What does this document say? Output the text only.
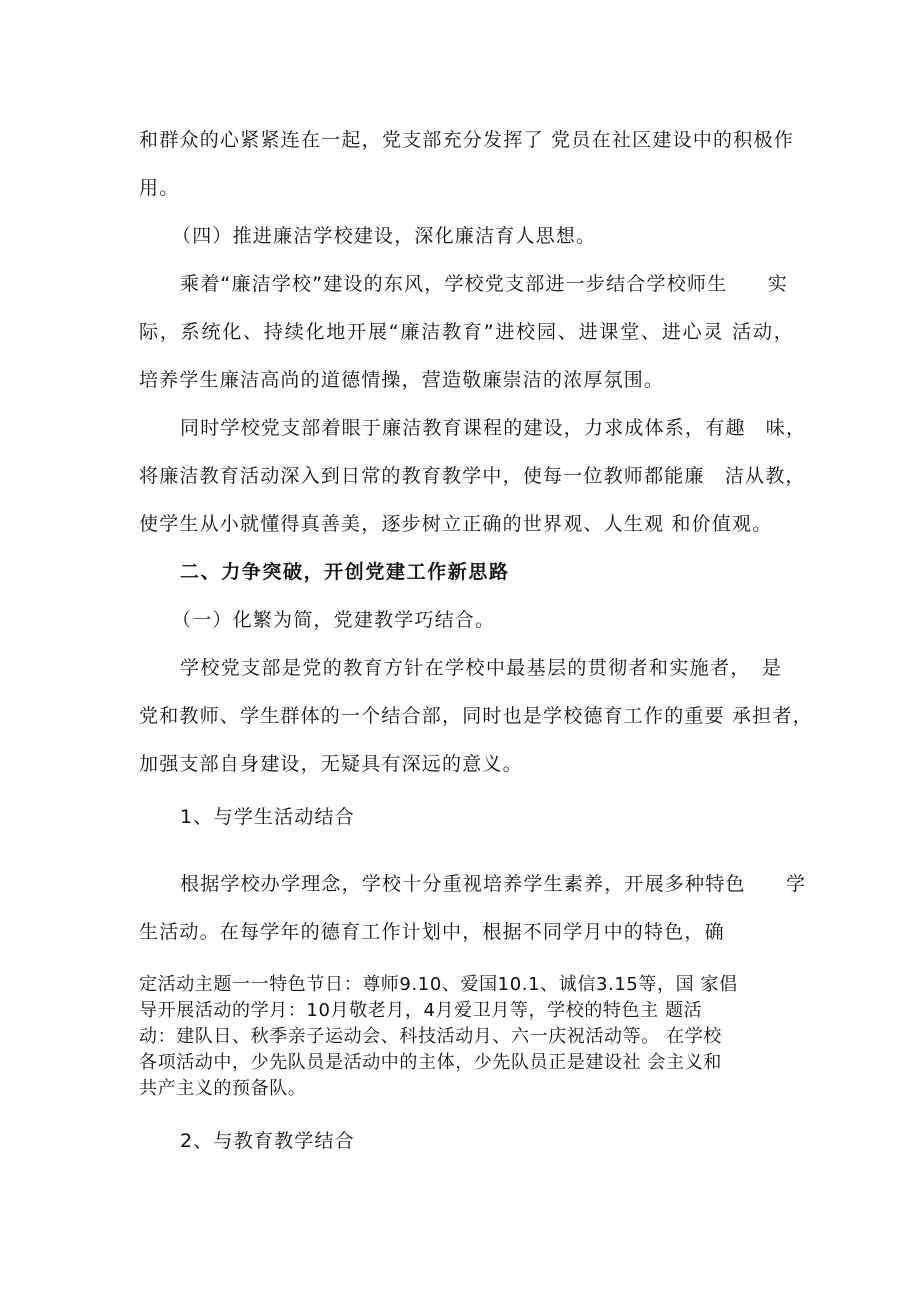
和群众的心紧紧连在一起，党支部充分发挥了 党员在社区建设中的积极作
用。
（四）推进廉洁学校建设，深化廉洁育人思想。
乘着“廉洁学校”建设的东风，学校党支部进一步结合学校师生　　实
际，系统化、持续化地开展“廉洁教育”进校园、进课堂、进心灵 活动，
培养学生廉洁高尚的道德情操，营造敬廉崇洁的浓厚氛围。
同时学校党支部着眼于廉洁教育课程的建设，力求成体系，有趣　味，
将廉洁教育活动深入到日常的教育教学中，使每一位教师都能廉　洁从教，
使学生从小就懂得真善美，逐步树立正确的世界观、人生观 和价值观。
二、力争突破，开创党建工作新思路
（一）化繁为简，党建教学巧结合。
学校党支部是党的教育方针在学校中最基层的贯彻者和实施者，　是
党和教师、学生群体的一个结合部，同时也是学校德育工作的重要 承担者，
加强支部自身建设，无疑具有深远的意义。
1、与学生活动结合
根据学校办学理念，学校十分重视培养学生素养，开展多种特色　　学
生活动。在每学年的德育工作计划中，根据不同学月中的特色，确
定活动主题一一特色节日：尊师9.10、爱国10.1、诚信3.15等，国 家倡
导开展活动的学月：10月敬老月，4月爱卫月等，学校的特色主 题活
动：建队日、秋季亲子运动会、科技活动月、六一庆祝活动等。 在学校
各项活动中，少先队员是活动中的主体，少先队员正是建设社 会主义和
共产主义的预备队。
2、与教育教学结合
